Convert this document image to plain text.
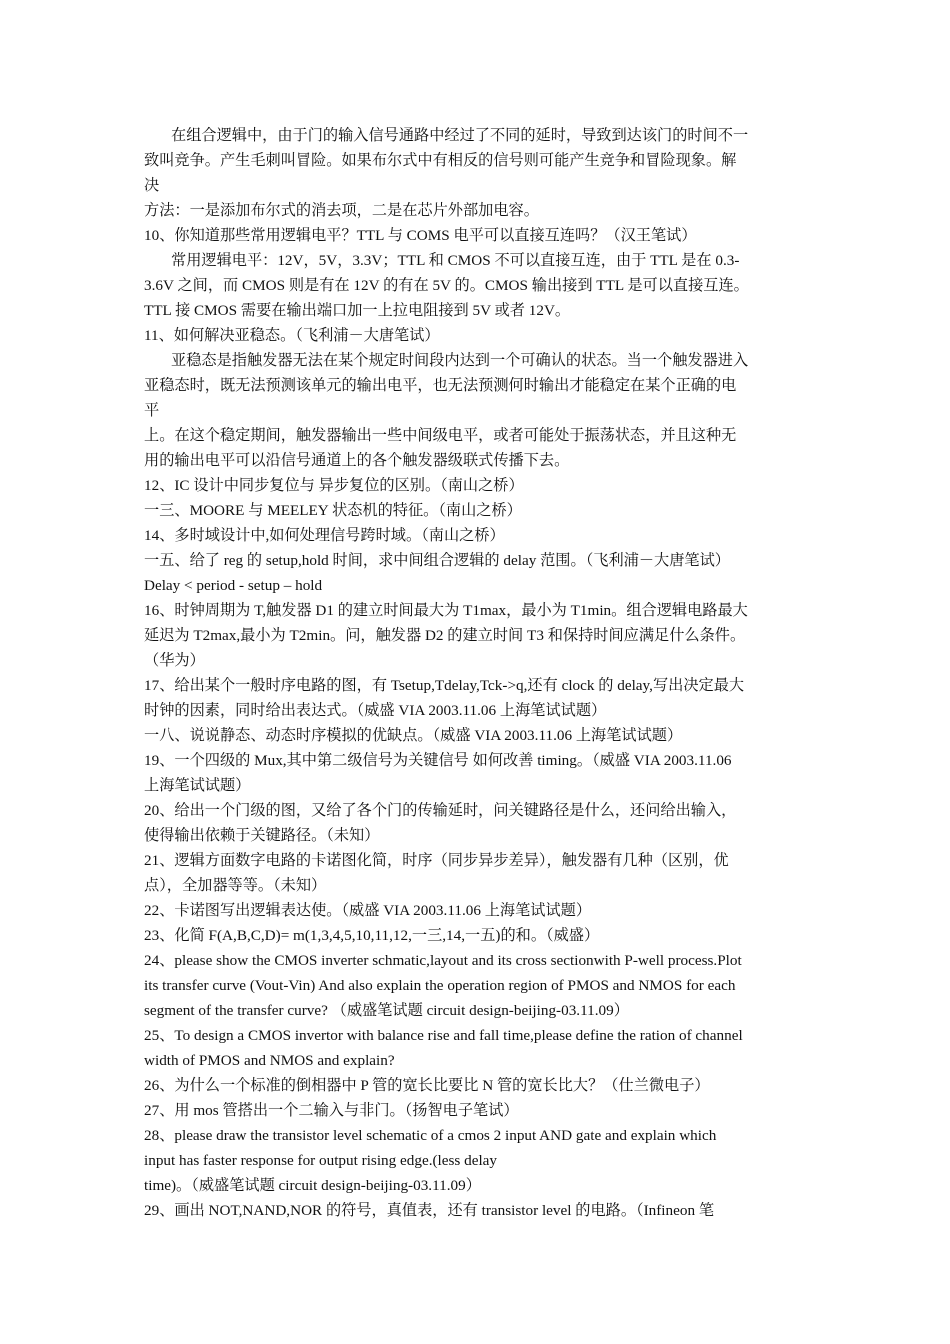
在组合逻辑中，由于门的输入信号通路中经过了不同的延时，导致到达该门的时间不一
致叫竞争。产生毛刺叫冒险。如果布尔式中有相反的信号则可能产生竞争和冒险现象。解
决
方法：一是添加布尔式的消去项，二是在芯片外部加电容。
10、你知道那些常用逻辑电平？TTL 与 COMS 电平可以直接互连吗？（汉王笔试）
常用逻辑电平：12V，5V，3.3V；TTL 和 CMOS 不可以直接互连，由于 TTL 是在 0.3-
3.6V 之间，而 CMOS 则是有在 12V 的有在 5V 的。CMOS 输出接到 TTL 是可以直接互连。
TTL 接 CMOS 需要在输出端口加一上拉电阻接到 5V 或者 12V。
11、如何解决亚稳态。（飞利浦－大唐笔试）
亚稳态是指触发器无法在某个规定时间段内达到一个可确认的状态。当一个触发器进入
亚稳态时，既无法预测该单元的输出电平，也无法预测何时输出才能稳定在某个正确的电
平
上。在这个稳定期间，触发器输出一些中间级电平，或者可能处于振荡状态，并且这种无
用的输出电平可以沿信号通道上的各个触发器级联式传播下去。
12、IC 设计中同步复位与 异步复位的区别。（南山之桥）
一三、MOORE 与 MEELEY 状态机的特征。（南山之桥）
14、多时域设计中,如何处理信号跨时域。（南山之桥）
一五、给了 reg 的 setup,hold 时间，求中间组合逻辑的 delay 范围。（飞利浦－大唐笔试）
Delay < period - setup – hold
16、时钟周期为 T,触发器 D1 的建立时间最大为 T1max，最小为 T1min。组合逻辑电路最大
延迟为 T2max,最小为 T2min。问，触发器 D2 的建立时间 T3 和保持时间应满足什么条件。
（华为）
17、给出某个一般时序电路的图，有 Tsetup,Tdelay,Tck->q,还有 clock 的 delay,写出决定最大
时钟的因素，同时给出表达式。（威盛 VIA 2003.11.06 上海笔试试题）
一八、说说静态、动态时序模拟的优缺点。（威盛 VIA 2003.11.06 上海笔试试题）
19、一个四级的 Mux,其中第二级信号为关键信号 如何改善 timing。（威盛 VIA 2003.11.06
上海笔试试题）
20、给出一个门级的图，又给了各个门的传输延时，问关键路径是什么，还问给出输入，
使得输出依赖于关键路径。（未知）
21、逻辑方面数字电路的卡诺图化简，时序（同步异步差异），触发器有几种（区别，优
点），全加器等等。（未知）
22、卡诺图写出逻辑表达使。（威盛 VIA 2003.11.06 上海笔试试题）
23、化简 F(A,B,C,D)= m(1,3,4,5,10,11,12,一三,14,一五)的和。（威盛）
24、please show the CMOS inverter schmatic,layout and its cross sectionwith P-well process.Plot
its transfer curve (Vout-Vin) And also explain the operation region of PMOS and NMOS for each
segment of the transfer curve? （威盛笔试题 circuit design-beijing-03.11.09）
25、To design a CMOS invertor with balance rise and fall time,please define the ration of channel
width of PMOS and NMOS and explain?
26、为什么一个标准的倒相器中 P 管的宽长比要比 N 管的宽长比大？（仕兰微电子）
27、用 mos 管搭出一个二输入与非门。（扬智电子笔试）
28、please draw the transistor level schematic of a cmos 2 input AND gate and explain which
input has faster response for output rising edge.(less delay
time)。（威盛笔试题 circuit design-beijing-03.11.09）
29、画出 NOT,NAND,NOR 的符号，真值表，还有 transistor level 的电路。（Infineon 笔
